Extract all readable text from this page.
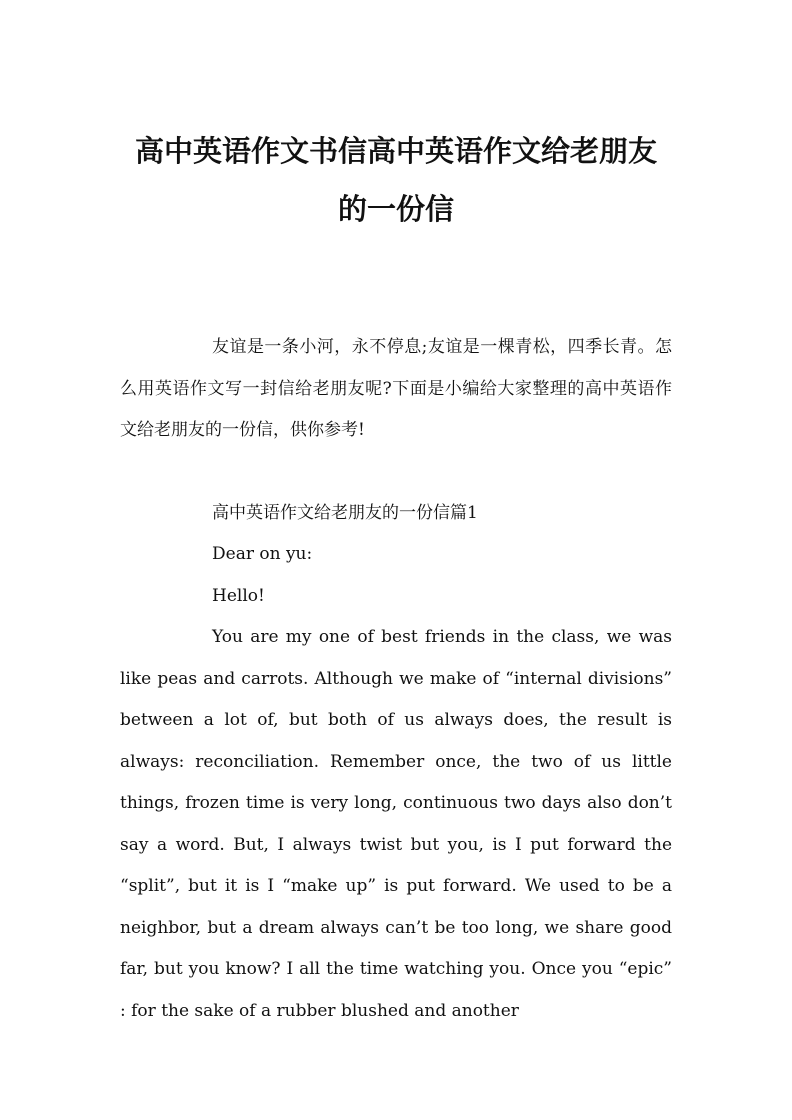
高中英语作文书信高中英语作文给老朋友
的一份信

友谊是一条小河，永不停息;友谊是一棵青松，四季长青。怎么用英语作文写一封信给老朋友呢?下面是小编给大家整理的高中英语作文给老朋友的一份信，供你参考!

高中英语作文给老朋友的一份信篇1

Dear on yu:

Hello!

You are my one of best friends in the class, we was like peas and carrots. Although we make of “internal divisions” between a lot of, but both of us always does, the result is always: reconciliation. Remember once, the two of us little things, frozen time is very long, continuous two days also don’t say a word. But, I always twist but you, is I put forward the “split”, but it is I “make up” is put forward. We used to be a neighbor, but a dream always can’t be too long, we share good far, but you know? I all the time watching you. Once you “epic” : for the sake of a rubber blushed and another
